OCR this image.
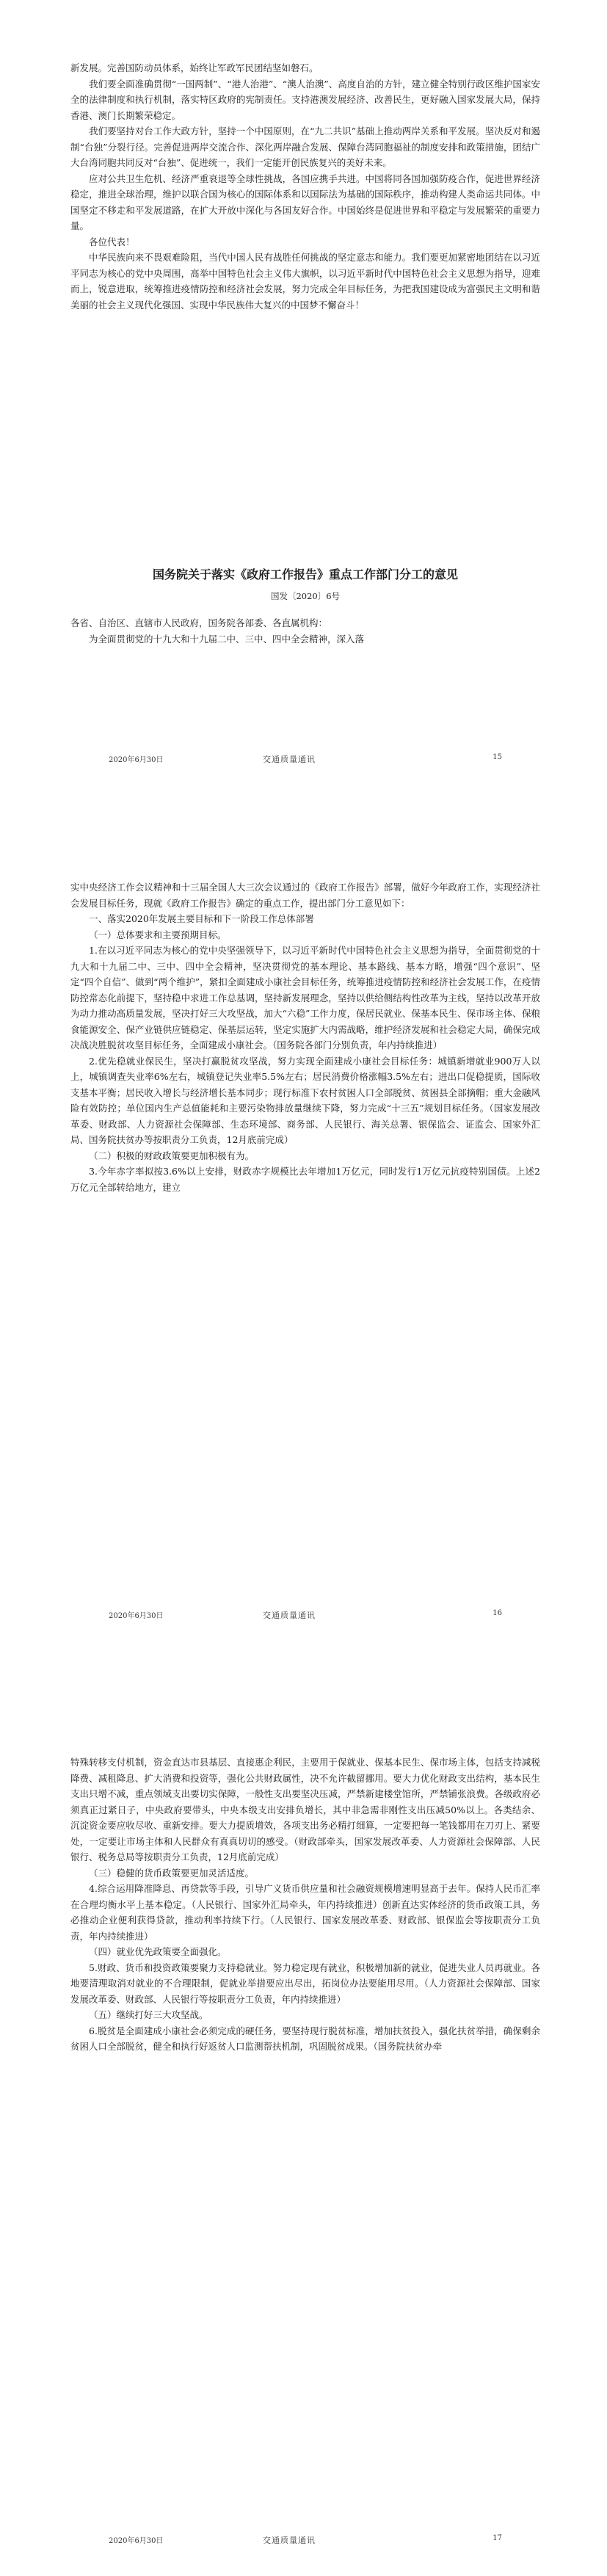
新发展。完善国防动员体系，始终让军政军民团结坚如磐石。

我们要全面准确贯彻“一国两制”、“港人治港”、“澳人治澳”、高度自治的方针，建立健全特别行政区维护国家安全的法律制度和执行机制，落实特区政府的宪制责任。支持港澳发展经济、改善民生，更好融入国家发展大局，保持香港、澳门长期繁荣稳定。

我们要坚持对台工作大政方针，坚持一个中国原则，在“九二共识”基础上推动两岸关系和平发展。坚决反对和遏制“台独”分裂行径。完善促进两岸交流合作、深化两岸融合发展、保障台湾同胞福祉的制度安排和政策措施，团结广大台湾同胞共同反对“台独”、促进统一，我们一定能开创民族复兴的美好未来。

应对公共卫生危机、经济严重衰退等全球性挑战，各国应携手共进。中国将同各国加强防疫合作，促进世界经济稳定，推进全球治理，维护以联合国为核心的国际体系和以国际法为基础的国际秩序，推动构建人类命运共同体。中国坚定不移走和平发展道路，在扩大开放中深化与各国友好合作。中国始终是促进世界和平稳定与发展繁荣的重要力量。

各位代表！

中华民族向来不畏艰难险阻，当代中国人民有战胜任何挑战的坚定意志和能力。我们要更加紧密地团结在以习近平同志为核心的党中央周围，高举中国特色社会主义伟大旗帜，以习近平新时代中国特色社会主义思想为指导，迎难而上，锐意进取，统筹推进疫情防控和经济社会发展，努力完成全年目标任务，为把我国建设成为富强民主文明和谐美丽的社会主义现代化强国、实现中华民族伟大复兴的中国梦不懈奋斗！

国务院关于落实《政府工作报告》重点工作部门分工的意见
国发〔2020〕6号

各省、自治区、直辖市人民政府，国务院各部委、各直属机构：

为全面贯彻党的十九大和十九届二中、三中、四中全会精神，深入落

2020年6月30日	交通质量通讯	15

实中央经济工作会议精神和十三届全国人大三次会议通过的《政府工作报告》部署，做好今年政府工作，实现经济社会发展目标任务，现就《政府工作报告》确定的重点工作，提出部门分工意见如下：

一、落实2020年发展主要目标和下一阶段工作总体部署

（一）总体要求和主要预期目标。

1.在以习近平同志为核心的党中央坚强领导下，以习近平新时代中国特色社会主义思想为指导，全面贯彻党的十九大和十九届二中、三中、四中全会精神，坚决贯彻党的基本理论、基本路线、基本方略，增强“四个意识”、坚定“四个自信”、做到“两个维护”，紧扣全面建成小康社会目标任务，统筹推进疫情防控和经济社会发展工作，在疫情防控常态化前提下，坚持稳中求进工作总基调，坚持新发展理念，坚持以供给侧结构性改革为主线，坚持以改革开放为动力推动高质量发展，坚决打好三大攻坚战，加大“六稳”工作力度，保居民就业、保基本民生、保市场主体、保粮食能源安全、保产业链供应链稳定、保基层运转，坚定实施扩大内需战略，维护经济发展和社会稳定大局，确保完成决战决胜脱贫攻坚目标任务，全面建成小康社会。（国务院各部门分别负责，年内持续推进）

2.优先稳就业保民生，坚决打赢脱贫攻坚战，努力实现全面建成小康社会目标任务：城镇新增就业900万人以上，城镇调查失业率6%左右，城镇登记失业率5.5%左右；居民消费价格涨幅3.5%左右；进出口促稳提质，国际收支基本平衡；居民收入增长与经济增长基本同步；现行标准下农村贫困人口全部脱贫、贫困县全部摘帽；重大金融风险有效防控；单位国内生产总值能耗和主要污染物排放量继续下降，努力完成“十三五”规划目标任务。（国家发展改革委、财政部、人力资源社会保障部、生态环境部、商务部、人民银行、海关总署、银保监会、证监会、国家外汇局、国务院扶贫办等按职责分工负责，12月底前完成）

（二）积极的财政政策要更加积极有为。

3.今年赤字率拟按3.6%以上安排，财政赤字规模比去年增加1万亿元，同时发行1万亿元抗疫特别国债。上述2万亿元全部转给地方，建立

2020年6月30日	交通质量通讯	16

特殊转移支付机制，资金直达市县基层、直接惠企利民，主要用于保就业、保基本民生、保市场主体，包括支持减税降费、减租降息、扩大消费和投资等，强化公共财政属性，决不允许截留挪用。要大力优化财政支出结构，基本民生支出只增不减，重点领域支出要切实保障，一般性支出要坚决压减，严禁新建楼堂馆所，严禁铺张浪费。各级政府必须真正过紧日子，中央政府要带头，中央本级支出安排负增长，其中非急需非刚性支出压减50%以上。各类结余、沉淀资金要应收尽收、重新安排。要大力提质增效，各项支出务必精打细算，一定要把每一笔钱都用在刀刃上、紧要处，一定要让市场主体和人民群众有真真切切的感受。（财政部牵头，国家发展改革委、人力资源社会保障部、人民银行、税务总局等按职责分工负责，12月底前完成）

（三）稳健的货币政策要更加灵活适度。

4.综合运用降准降息、再贷款等手段，引导广义货币供应量和社会融资规模增速明显高于去年。保持人民币汇率在合理均衡水平上基本稳定。（人民银行、国家外汇局牵头，年内持续推进）创新直达实体经济的货币政策工具，务必推动企业便利获得贷款，推动利率持续下行。（人民银行、国家发展改革委、财政部、银保监会等按职责分工负责，年内持续推进）

（四）就业优先政策要全面强化。

5.财政、货币和投资政策要聚力支持稳就业。努力稳定现有就业，积极增加新的就业，促进失业人员再就业。各地要清理取消对就业的不合理限制，促就业举措要应出尽出，拓岗位办法要能用尽用。（人力资源社会保障部、国家发展改革委、财政部、人民银行等按职责分工负责，年内持续推进）

（五）继续打好三大攻坚战。

6.脱贫是全面建成小康社会必须完成的硬任务，要坚持现行脱贫标准，增加扶贫投入，强化扶贫举措，确保剩余贫困人口全部脱贫，健全和执行好返贫人口监测帮扶机制，巩固脱贫成果。（国务院扶贫办牵

2020年6月30日	交通质量通讯	17
